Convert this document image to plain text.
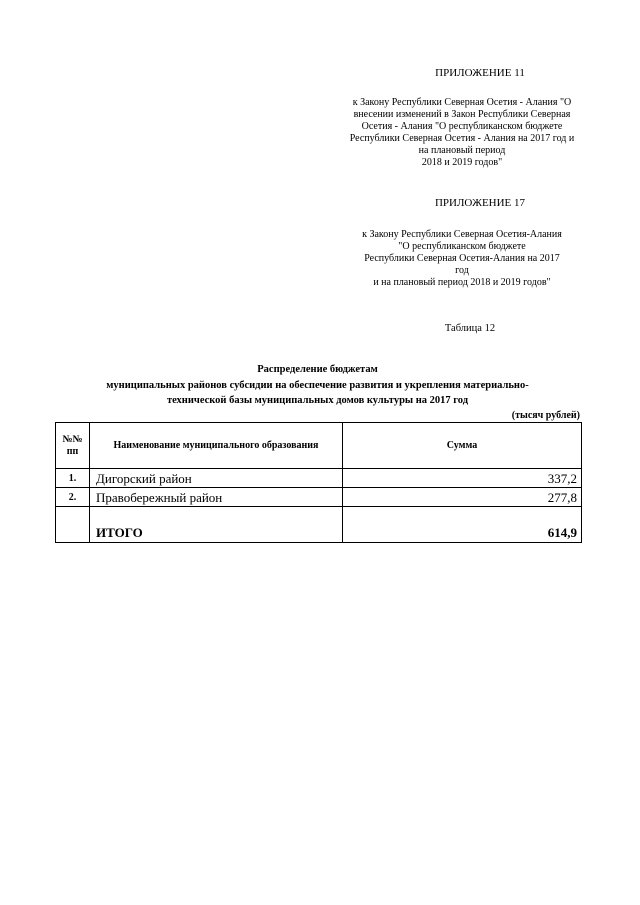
ПРИЛОЖЕНИЕ 11
к Закону Республики Северная Осетия - Алания "О
внесении изменений в Закон Республики Северная
Осетия - Алания "О республиканском бюджете
Республики Северная Осетия - Алания на 2017 год и
на плановый период
2018 и 2019 годов"
ПРИЛОЖЕНИЕ 17
к Закону Республики Северная Осетия-Алания
"О республиканском бюджете
Республики Северная Осетия-Алания на 2017
год
и на плановый период 2018 и 2019 годов"
Таблица 12
Распределение бюджетам
муниципальных районов субсидии на обеспечение развития и укрепления материально-
технической базы муниципальных домов культуры на 2017 год
(тысяч рублей)
№№ пп	Наименование муниципального образования	Сумма
1.	Дигорский район	337,2
2.	Правобережный район	277,8
	ИТОГО	614,9
